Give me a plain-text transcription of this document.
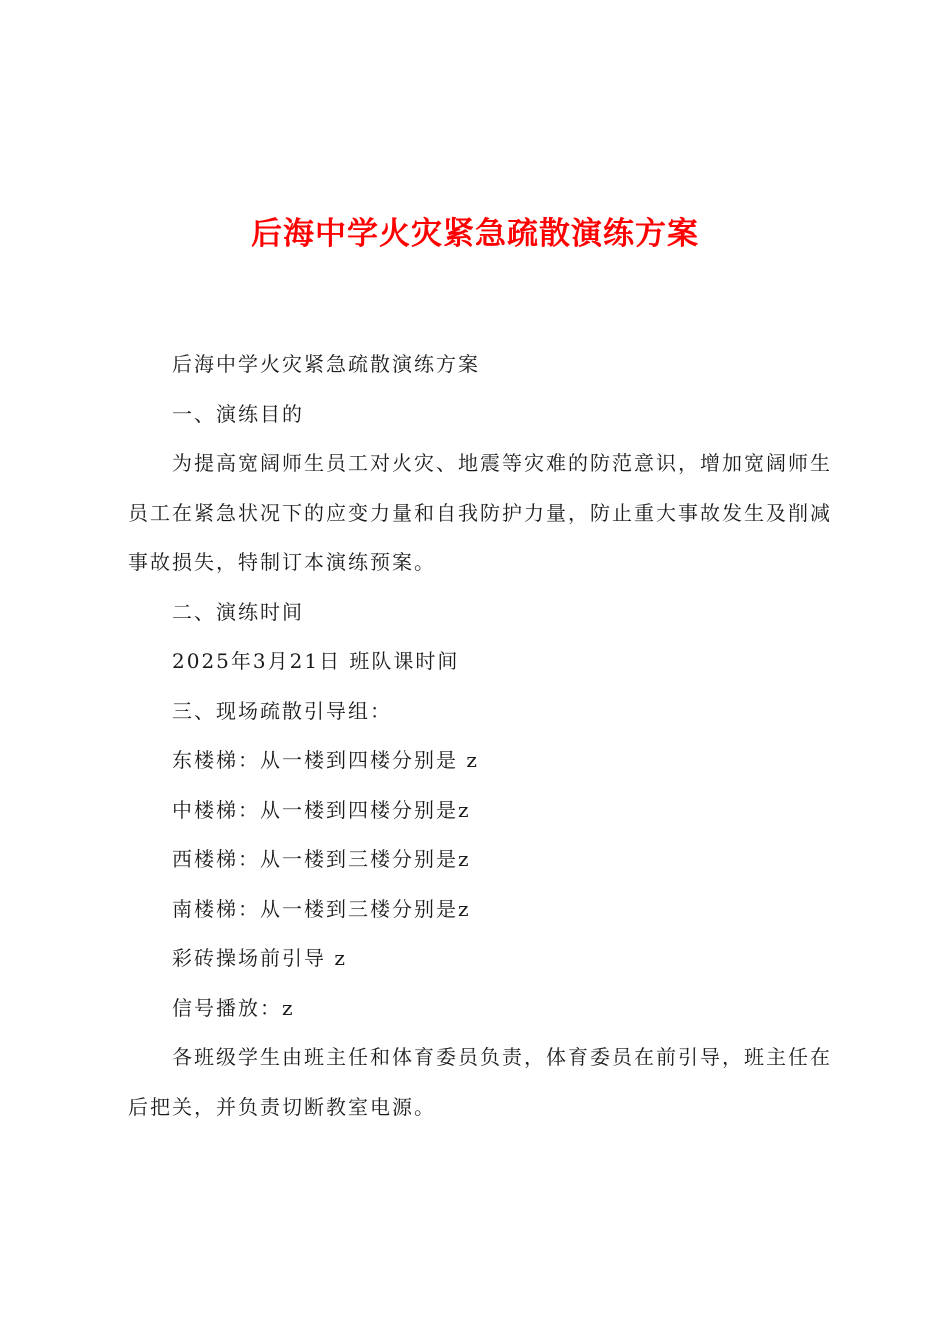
后海中学火灾紧急疏散演练方案

后海中学火灾紧急疏散演练方案

一、演练目的

为提高宽阔师生员工对火灾、地震等灾难的防范意识，增加宽阔师生员工在紧急状况下的应变力量和自我防护力量，防止重大事故发生及削减事故损失，特制订本演练预案。

二、演练时间

2025年3月21日 班队课时间

三、现场疏散引导组：

东楼梯：从一楼到四楼分别是 z

中楼梯：从一楼到四楼分别是z

西楼梯：从一楼到三楼分别是z

南楼梯：从一楼到三楼分别是z

彩砖操场前引导 z

信号播放：z

各班级学生由班主任和体育委员负责，体育委员在前引导，班主任在后把关，并负责切断教室电源。
